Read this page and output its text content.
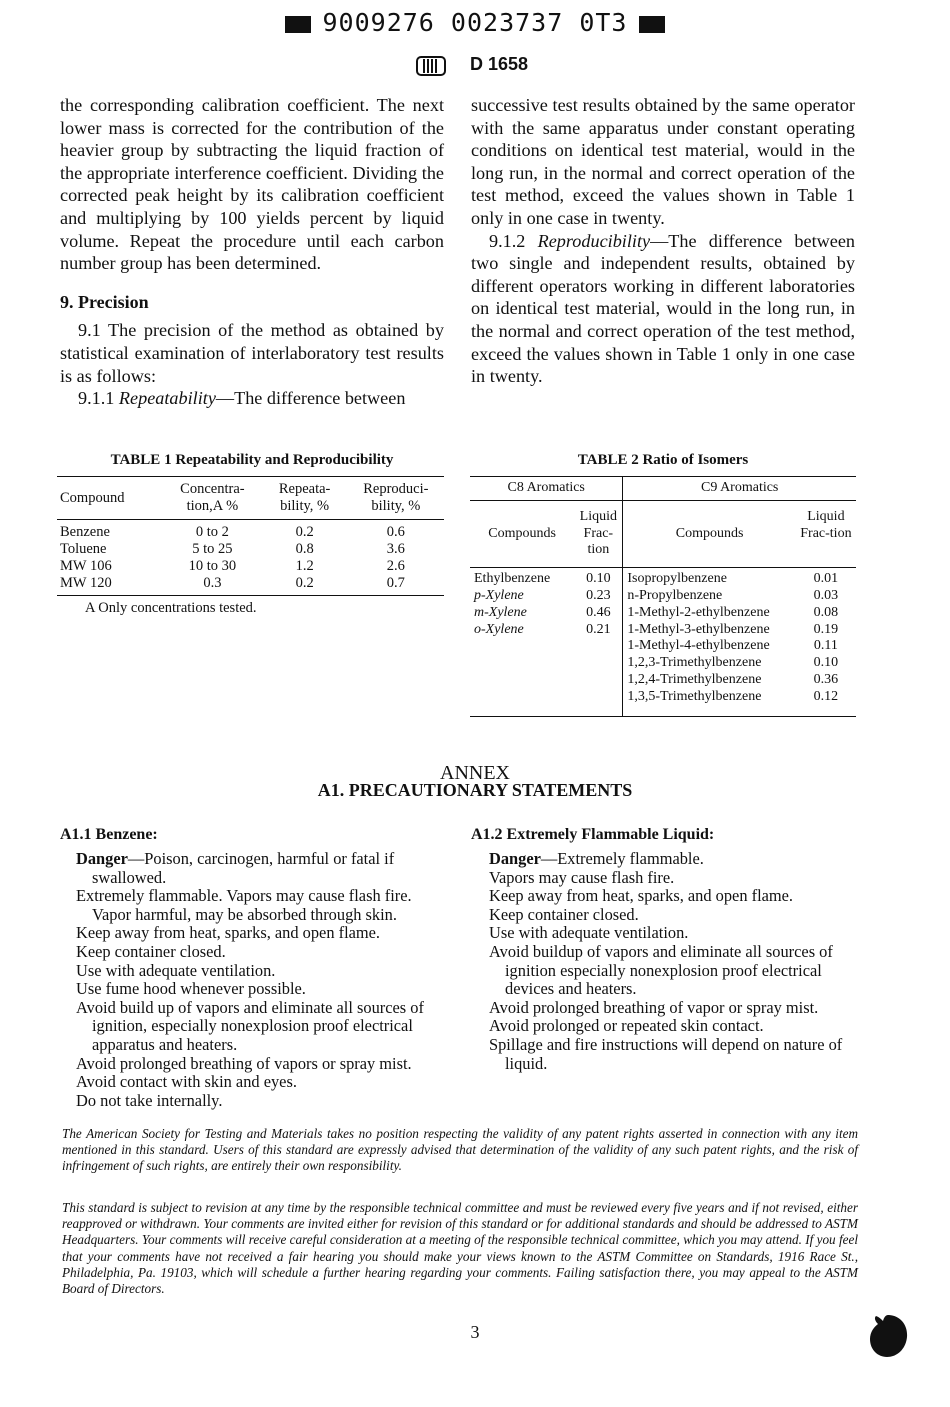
9009276 0023737 0T3
D 1658

the corresponding calibration coefficient. The next lower mass is corrected for the contribution of the heavier group by subtracting the liquid fraction of the appropriate interference coefficient. Dividing the corrected peak height by its calibration coefficient and multiplying by 100 yields percent by liquid volume. Repeat the procedure until each carbon number group has been determined.

9. Precision

9.1 The precision of the method as obtained by statistical examination of interlaboratory test results is as follows:

9.1.1 Repeatability—The difference between

successive test results obtained by the same operator with the same apparatus under constant operating conditions on identical test material, would in the long run, in the normal and correct operation of the test method, exceed the values shown in Table 1 only in one case in twenty.

9.1.2 Reproducibility—The difference between two single and independent results, obtained by different operators working in different laboratories on identical test material, would in the long run, in the normal and correct operation of the test method, exceed the values shown in Table 1 only in one case in twenty.

TABLE 1 Repeatability and Reproducibility
Compound	Concentra-tion,A %	Repeata-bility, %	Reproduci-bility, %
Benzene	0 to 2	0.2	0.6
Toluene	5 to 25	0.8	3.6
MW 106	10 to 30	1.2	2.6
MW 120	0.3	0.2	0.7
A Only concentrations tested.
TABLE 2 Ratio of Isomers
C8 Aromatics		C9 Aromatics	
Compounds	Liquid Frac-tion	Compounds	Liquid Frac-tion
Ethylbenzene	0.10	Isopropylbenzene	0.01
p-Xylene	0.23	n-Propylbenzene	0.03
m-Xylene	0.46	1-Methyl-2-ethylbenzene	0.08
o-Xylene	0.21	1-Methyl-3-ethylbenzene	0.19
		1-Methyl-4-ethylbenzene	0.11
		1,2,3-Trimethylbenzene	0.10
		1,2,4-Trimethylbenzene	0.36
		1,3,5-Trimethylbenzene	0.12
ANNEX
A1. PRECAUTIONARY STATEMENTS
A1.1 Benzene:
Danger—Poison, carcinogen, harmful or fatal if swallowed.
Extremely flammable. Vapors may cause flash fire. Vapor harmful, may be absorbed through skin.
Keep away from heat, sparks, and open flame.
Keep container closed.
Use with adequate ventilation.
Use fume hood whenever possible.
Avoid build up of vapors and eliminate all sources of ignition, especially nonexplosion proof electrical apparatus and heaters.
Avoid prolonged breathing of vapors or spray mist.
Avoid contact with skin and eyes.
Do not take internally.
A1.2 Extremely Flammable Liquid:
Danger—Extremely flammable.
Vapors may cause flash fire.
Keep away from heat, sparks, and open flame.
Keep container closed.
Use with adequate ventilation.
Avoid buildup of vapors and eliminate all sources of ignition especially nonexplosion proof electrical devices and heaters.
Avoid prolonged breathing of vapor or spray mist.
Avoid prolonged or repeated skin contact.
Spillage and fire instructions will depend on nature of liquid.
The American Society for Testing and Materials takes no position respecting the validity of any patent rights asserted in connection with any item mentioned in this standard. Users of this standard are expressly advised that determination of the validity of any such patent rights, and the risk of infringement of such rights, are entirely their own responsibility.
This standard is subject to revision at any time by the responsible technical committee and must be reviewed every five years and if not revised, either reapproved or withdrawn. Your comments are invited either for revision of this standard or for additional standards and should be addressed to ASTM Headquarters. Your comments will receive careful consideration at a meeting of the responsible technical committee, which you may attend. If you feel that your comments have not received a fair hearing you should make your views known to the ASTM Committee on Standards, 1916 Race St., Philadelphia, Pa. 19103, which will schedule a further hearing regarding your comments. Failing satisfaction there, you may appeal to the ASTM Board of Directors.
3
